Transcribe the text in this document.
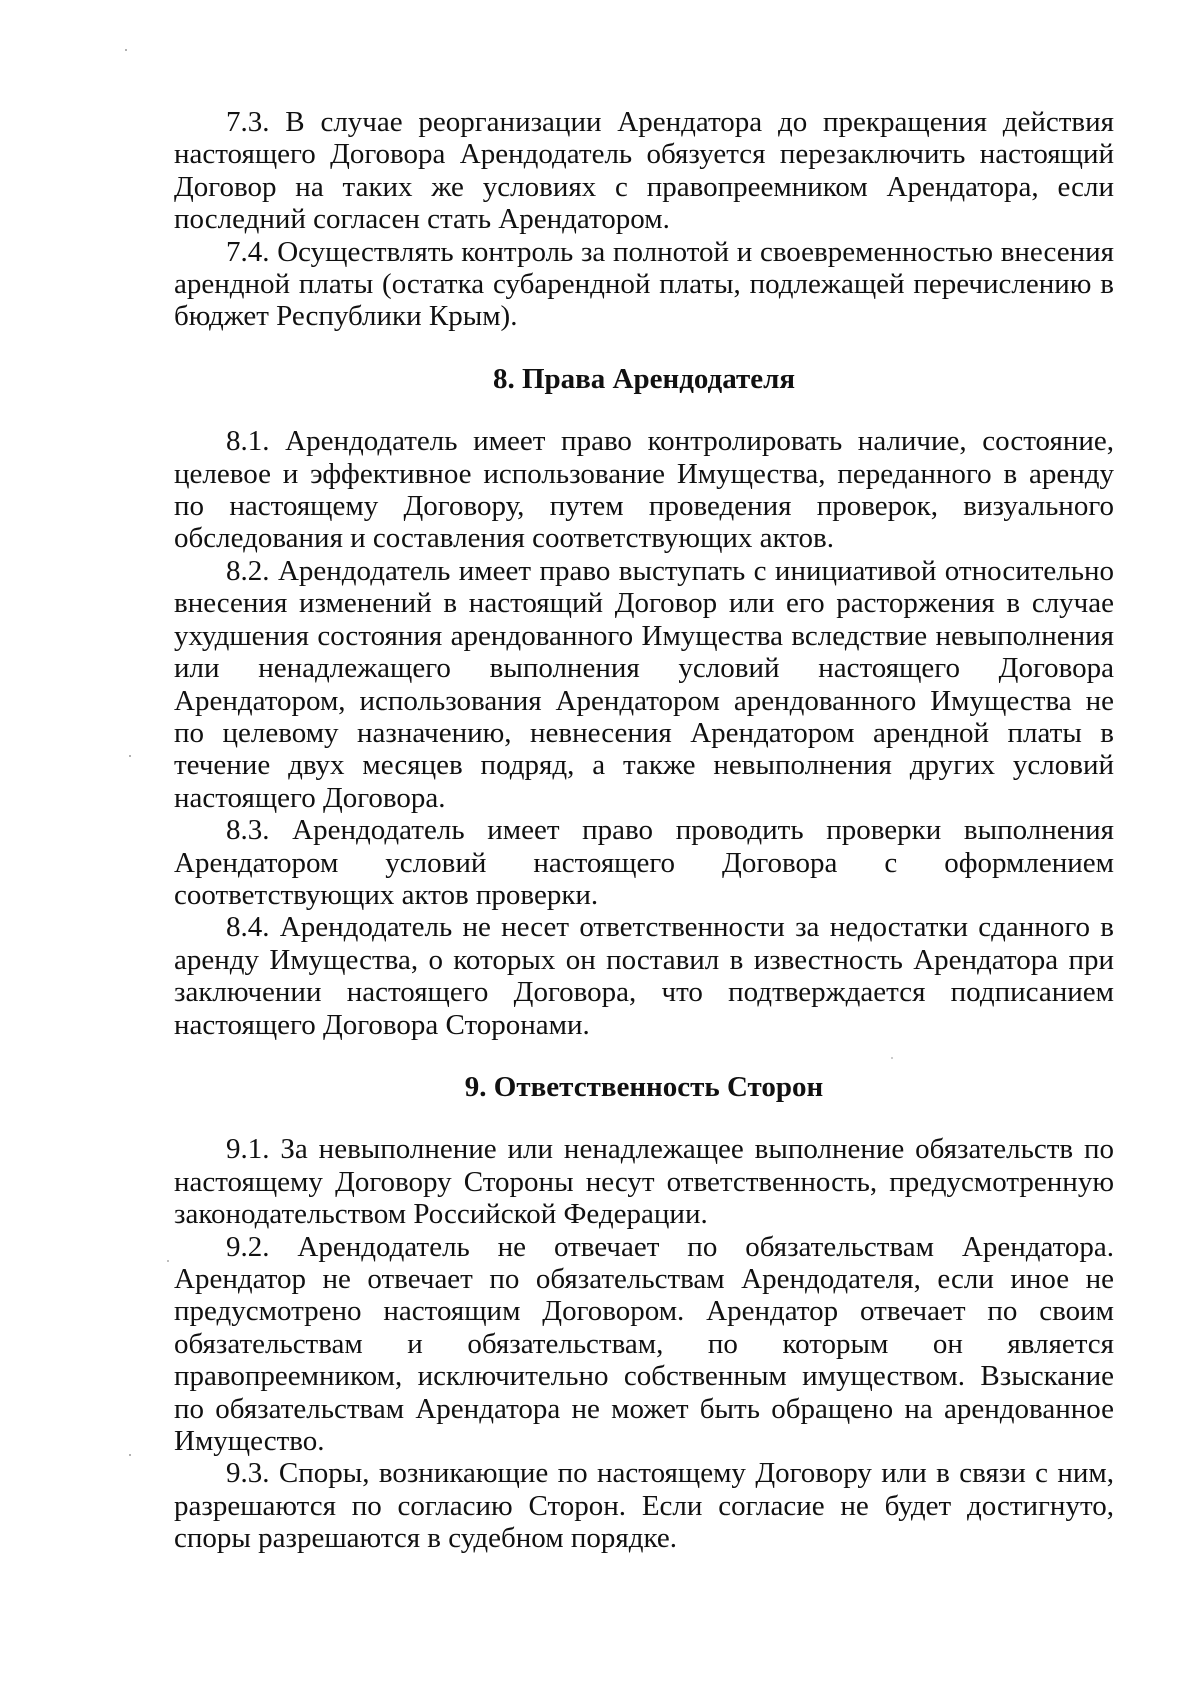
7.3. В случае реорганизации Арендатора до прекращения действия настоящего Договора Арендодатель обязуется перезаключить настоящий Договор на таких же условиях с правопреемником Арендатора, если последний согласен стать Арендатором.

7.4. Осуществлять контроль за полнотой и своевременностью внесения арендной платы (остатка субарендной платы, подлежащей перечислению в бюджет Республики Крым).

8. Права Арендодателя

8.1. Арендодатель имеет право контролировать наличие, состояние, целевое и эффективное использование Имущества, переданного в аренду по настоящему Договору, путем проведения проверок, визуального обследования и составления соответствующих актов.

8.2. Арендодатель имеет право выступать с инициативой относительно внесения изменений в настоящий Договор или его расторжения в случае ухудшения состояния арендованного Имущества вследствие невыполнения или ненадлежащего выполнения условий настоящего Договора Арендатором, использования Арендатором арендованного Имущества не по целевому назначению, невнесения Арендатором арендной платы в течение двух месяцев подряд, а также невыполнения других условий настоящего Договора.

8.3. Арендодатель имеет право проводить проверки выполнения Арендатором условий настоящего Договора с оформлением соответствующих актов проверки.

8.4. Арендодатель не несет ответственности за недостатки сданного в аренду Имущества, о которых он поставил в известность Арендатора при заключении настоящего Договора, что подтверждается подписанием настоящего Договора Сторонами.

9. Ответственность Сторон

9.1. За невыполнение или ненадлежащее выполнение обязательств по настоящему Договору Стороны несут ответственность, предусмотренную законодательством Российской Федерации.

9.2. Арендодатель не отвечает по обязательствам Арендатора. Арендатор не отвечает по обязательствам Арендодателя, если иное не предусмотрено настоящим Договором. Арендатор отвечает по своим обязательствам и обязательствам, по которым он является правопреемником, исключительно собственным имуществом. Взыскание по обязательствам Арендатора не может быть обращено на арендованное Имущество.

9.3. Споры, возникающие по настоящему Договору или в связи с ним, разрешаются по согласию Сторон. Если согласие не будет достигнуто, споры разрешаются в судебном порядке.
